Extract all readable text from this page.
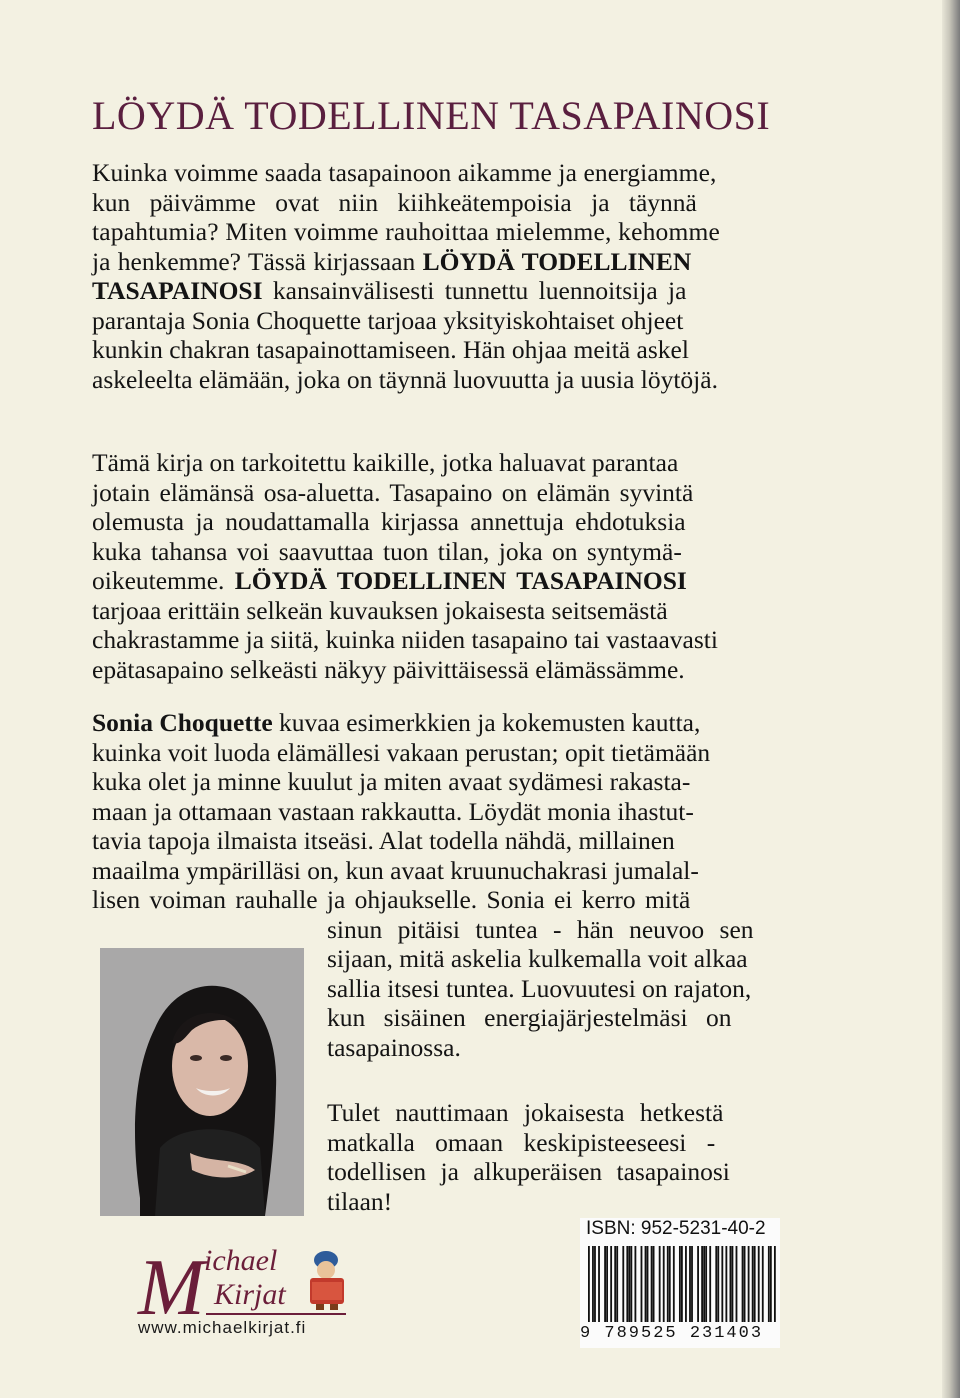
LÖYDÄ TODELLINEN TASAPAINOSI

Kuinka voimme saada tasapainoon aikamme ja energiamme,
kun päivämme ovat niin kiihkeätempoisia ja täynnä
tapahtumia? Miten voimme rauhoittaa mielemme, kehomme
ja henkemme? Tässä kirjassaan LÖYDÄ TODELLINEN
TASAPAINOSI kansainvälisesti tunnettu luennoitsija ja
parantaja Sonia Choquette tarjoaa yksityiskohtaiset ohjeet
kunkin chakran tasapainottamiseen. Hän ohjaa meitä askel
askeleelta elämään, joka on täynnä luovuutta ja uusia löytöjä.

Tämä kirja on tarkoitettu kaikille, jotka haluavat parantaa
jotain elämänsä osa-aluetta. Tasapaino on elämän syvintä
olemusta ja noudattamalla kirjassa annettuja ehdotuksia
kuka tahansa voi saavuttaa tuon tilan, joka on syntymä-
oikeutemme. LÖYDÄ TODELLINEN TASAPAINOSI
tarjoaa erittäin selkeän kuvauksen jokaisesta seitsemästä
chakrastamme ja siitä, kuinka niiden tasapaino tai vastaavasti
epätasapaino selkeästi näkyy päivittäisessä elämässämme.

Sonia Choquette kuvaa esimerkkien ja kokemusten kautta,
kuinka voit luoda elämällesi vakaan perustan; opit tietämään
kuka olet ja minne kuulut ja miten avaat sydämesi rakasta-
maan ja ottamaan vastaan rakkautta. Löydät monia ihastut-
tavia tapoja ilmaista itseäsi. Alat todella nähdä, millainen
maailma ympärilläsi on, kun avaat kruunuchakrasi jumalal-
lisen voiman rauhalle ja ohjaukselle. Sonia ei kerro mitä
sinun pitäisi tuntea - hän neuvoo sen
sijaan, mitä askelia kulkemalla voit alkaa
sallia itsesi tuntea. Luovuutesi on rajaton,
kun sisäinen energiajärjestelmäsi on
tasapainossa.

Tulet nauttimaan jokaisesta hetkestä
matkalla omaan keskipisteeseesi -
todellisen ja alkuperäisen tasapainosi
tilaan!

M ichael
Kirjat
www.michaelkirjat.fi
ISBN: 952-5231-40-2
9 789525 231403
